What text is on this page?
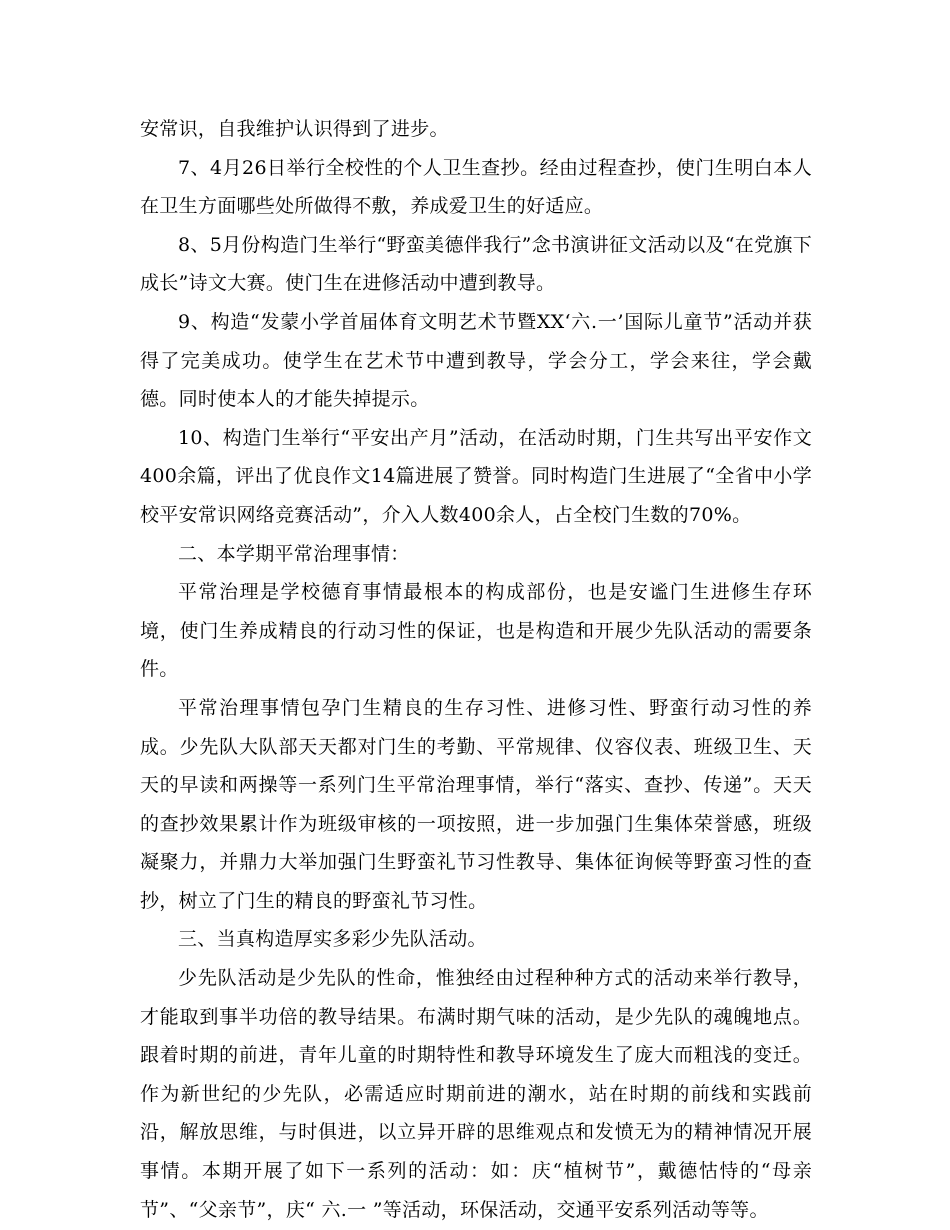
安常识，自我维护认识得到了进步。

7、4月26日举行全校性的个人卫生查抄。经由过程查抄，使门生明白本人在卫生方面哪些处所做得不敷，养成爱卫生的好适应。

8、5月份构造门生举行“野蛮美德伴我行”念书演讲征文活动以及“在党旗下成长”诗文大赛。使门生在进修活动中遭到教导。

9、构造“发蒙小学首届体育文明艺术节暨XX‘六.一’国际儿童节”活动并获得了完美成功。使学生在艺术节中遭到教导，学会分工，学会来往，学会戴德。同时使本人的才能失掉提示。

10、构造门生举行“平安出产月”活动，在活动时期，门生共写出平安作文400余篇，评出了优良作文14篇进展了赞誉。同时构造门生进展了“全省中小学校平安常识网络竞赛活动”，介入人数400余人，占全校门生数的70%。

二、本学期平常治理事情：

平常治理是学校德育事情最根本的构成部份，也是安谧门生进修生存环境，使门生养成精良的行动习性的保证，也是构造和开展少先队活动的需要条件。

平常治理事情包孕门生精良的生存习性、进修习性、野蛮行动习性的养成。少先队大队部天天都对门生的考勤、平常规律、仪容仪表、班级卫生、天天的早读和两操等一系列门生平常治理事情，举行“落实、查抄、传递”。天天的查抄效果累计作为班级审核的一项按照，进一步加强门生集体荣誉感，班级凝聚力，并鼎力大举加强门生野蛮礼节习性教导、集体征询候等野蛮习性的查抄，树立了门生的精良的野蛮礼节习性。

三、当真构造厚实多彩少先队活动。

少先队活动是少先队的性命，惟独经由过程种种方式的活动来举行教导，才能取到事半功倍的教导结果。布满时期气味的活动，是少先队的魂魄地点。跟着时期的前进，青年儿童的时期特性和教导环境发生了庞大而粗浅的变迁。作为新世纪的少先队，必需适应时期前进的潮水，站在时期的前线和实践前沿，解放思维，与时俱进，以立异开辟的思维观点和发愤无为的精神情况开展事情。本期开展了如下一系列的活动：如：庆“植树节”，戴德怙恃的“母亲节”、“父亲节”，庆“ 六.一 ”等活动，环保活动，交通平安系列活动等等。
